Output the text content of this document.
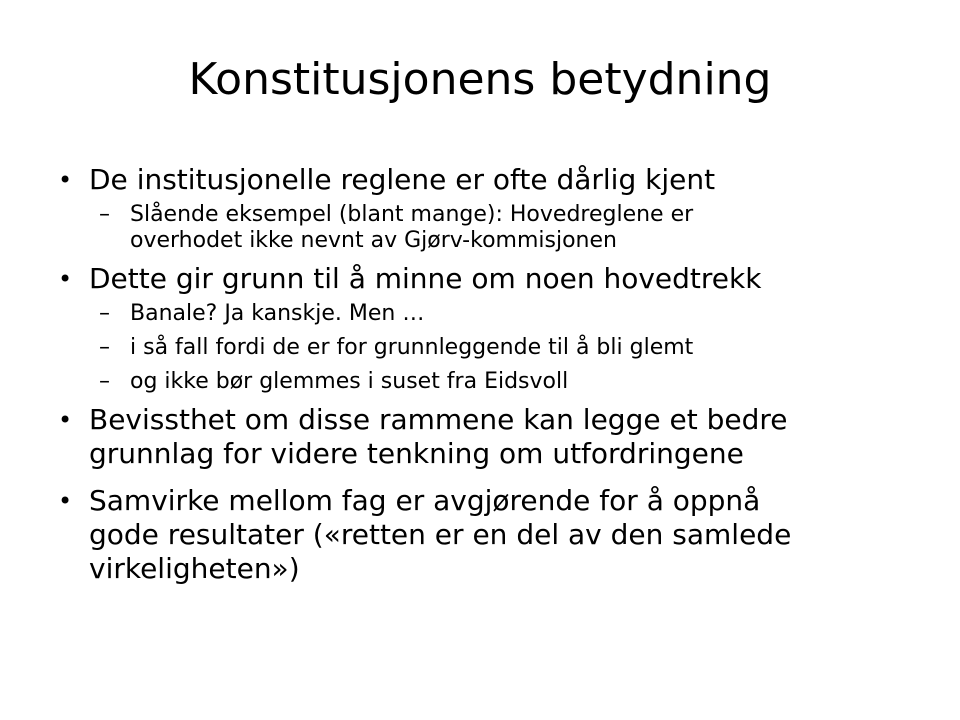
Konstitusjonens betydning
• De institusjonelle reglene er ofte dårlig kjent
– Slående eksempel (blant mange): Hovedreglene er
overhodet ikke nevnt av Gjørv-kommisjonen
• Dette gir grunn til å minne om noen hovedtrekk
– Banale? Ja kanskje. Men …
– i så fall fordi de er for grunnleggende til å bli glemt
– og ikke bør glemmes i suset fra Eidsvoll
• Bevissthet om disse rammene kan legge et bedre
grunnlag for videre tenkning om utfordringene
• Samvirke mellom fag er avgjørende for å oppnå
gode resultater («retten er en del av den samlede
virkeligheten»)
